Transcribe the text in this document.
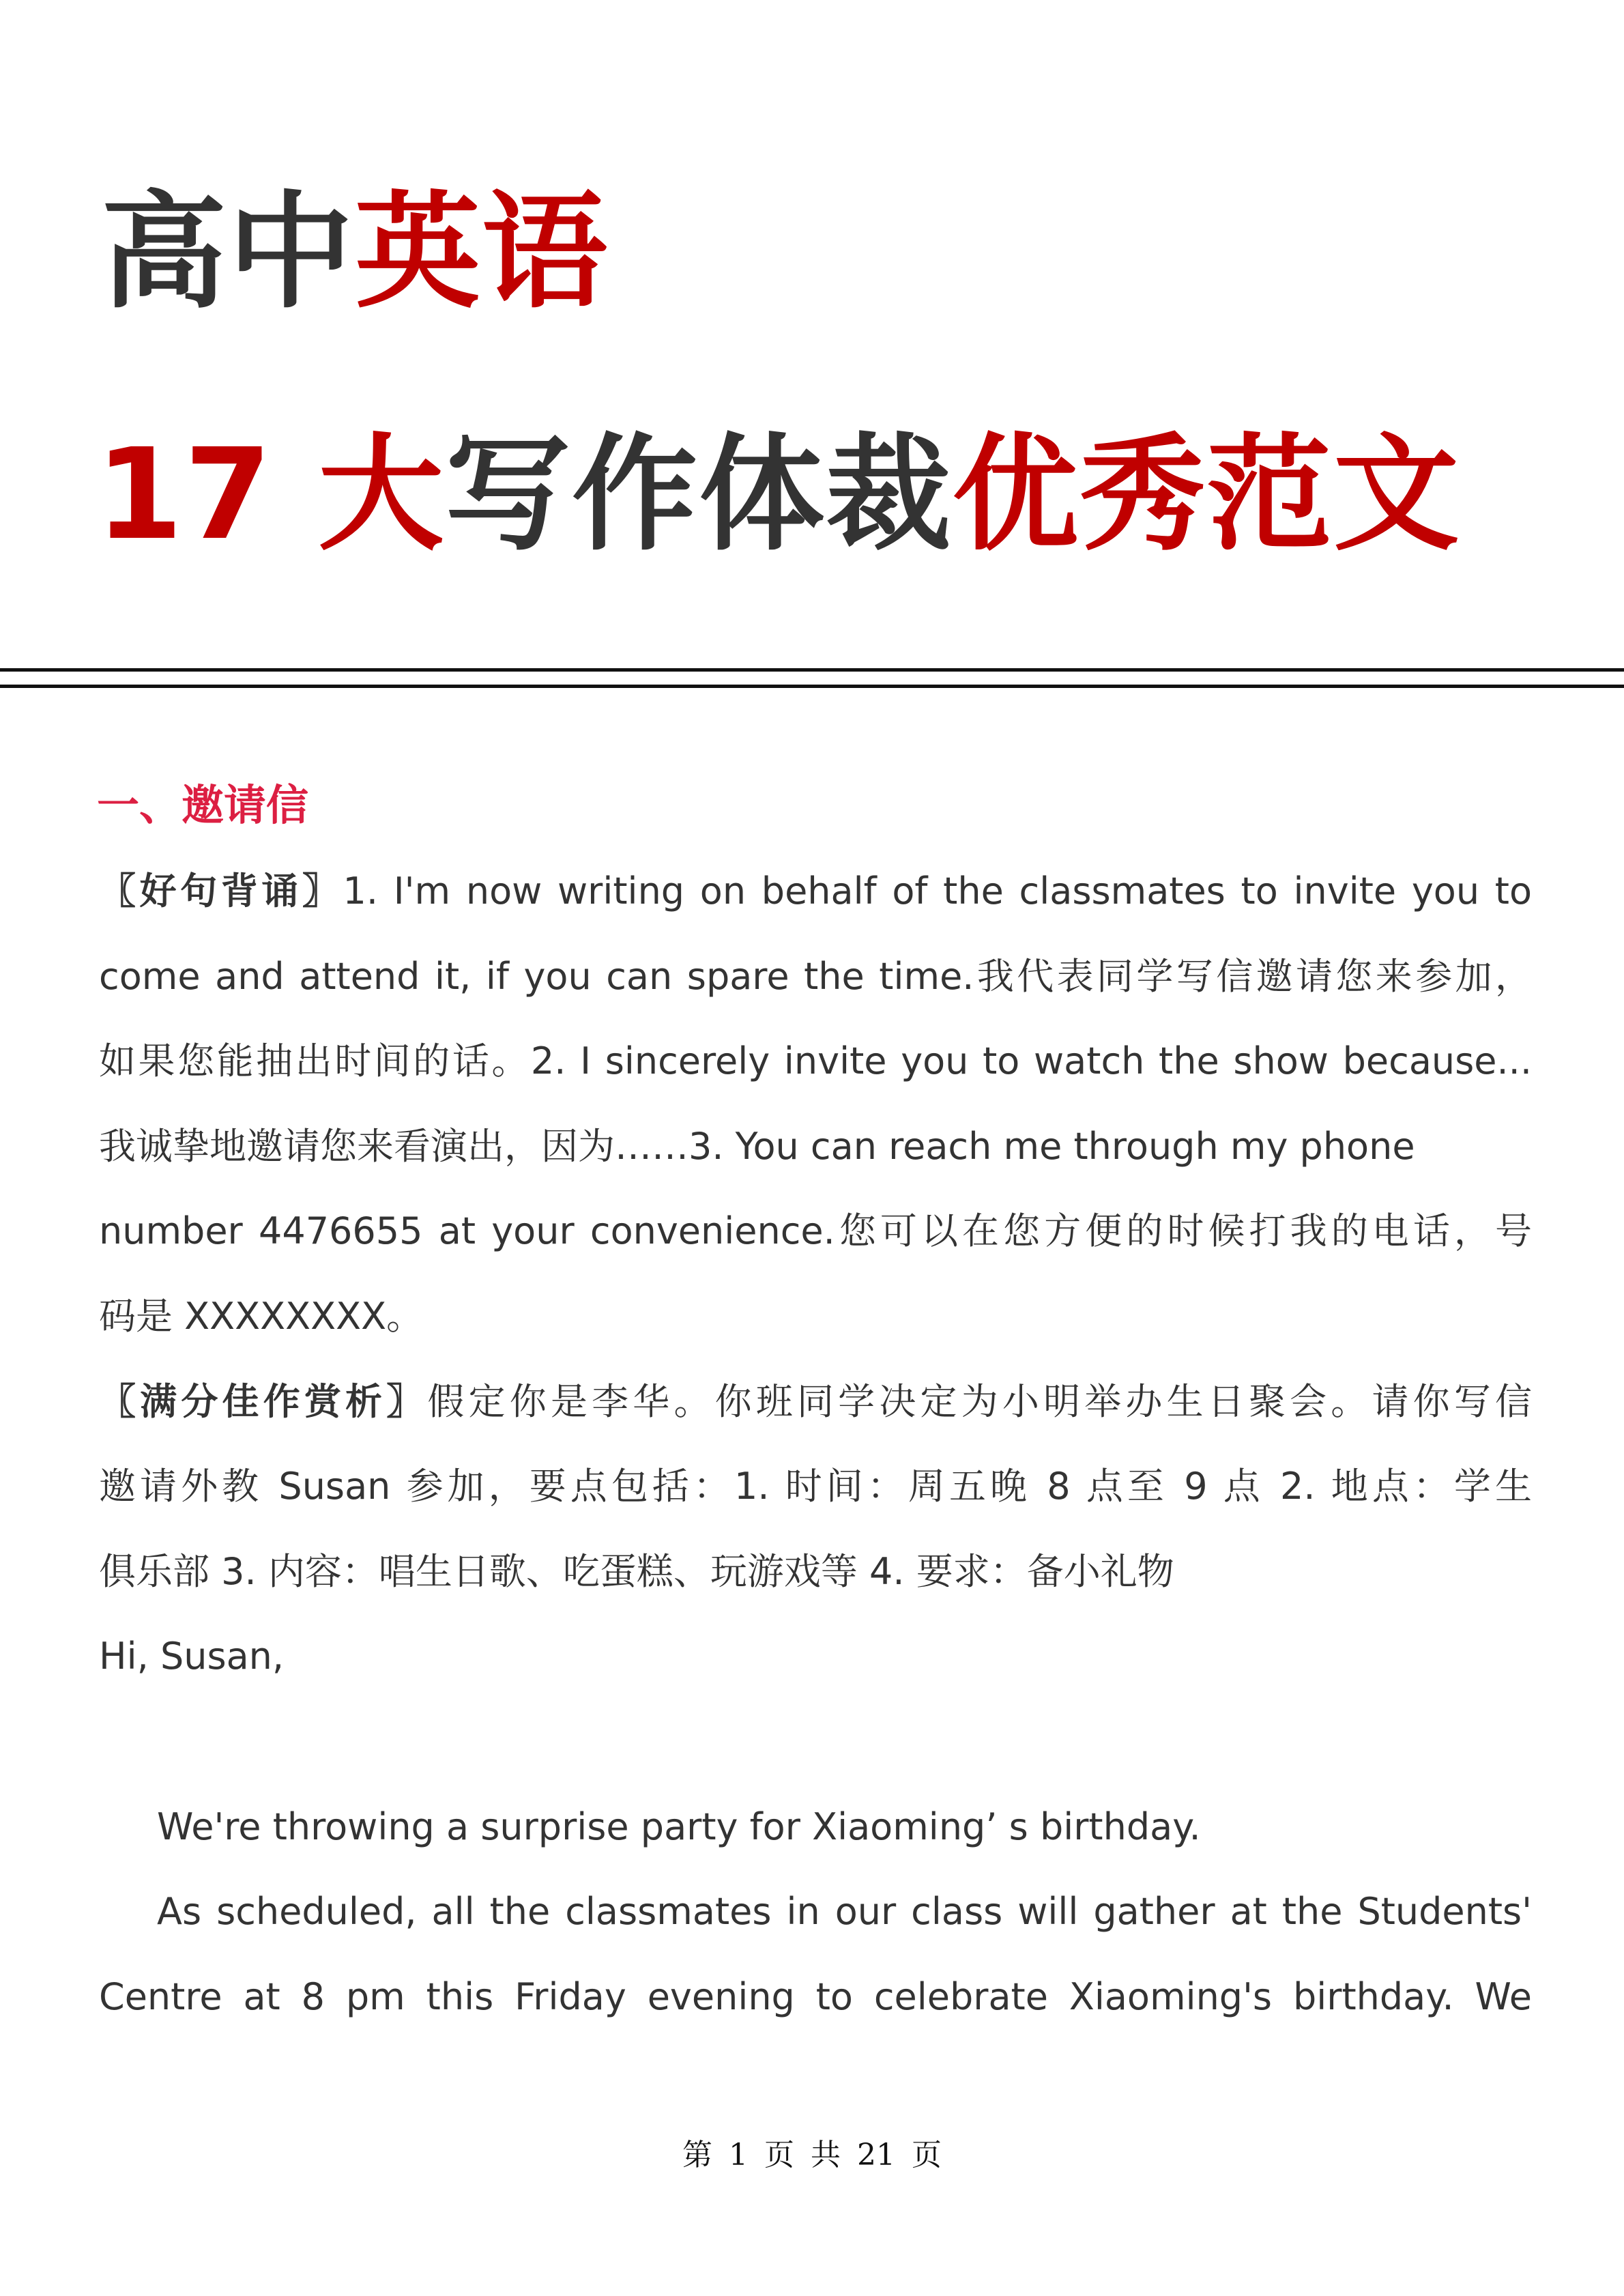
高中英语
17 大写作体裁优秀范文
一、邀请信
〖好句背诵〗1. I'm now writing on behalf of the classmates to invite you to
come and attend it, if you can spare the time.我代表同学写信邀请您来参加，
如果您能抽出时间的话。2. I sincerely invite you to watch the show because...
我诚挚地邀请您来看演出，因为……3. You can reach me through my phone
number 4476655 at your convenience.您可以在您方便的时候打我的电话，号
码是 XXXXXXXX。
〖满分佳作赏析〗假定你是李华。你班同学决定为小明举办生日聚会。请你写信
邀请外教 Susan 参加，要点包括：1. 时间：周五晚 8 点至 9 点 2. 地点：学生
俱乐部 3. 内容：唱生日歌、吃蛋糕、玩游戏等 4. 要求：备小礼物
Hi, Susan,
We're throwing a surprise party for Xiaoming’ s birthday.
As scheduled, all the classmates in our class will gather at the Students'
Centre at 8 pm this Friday evening to celebrate Xiaoming's birthday. We
第 1 页 共 21 页
